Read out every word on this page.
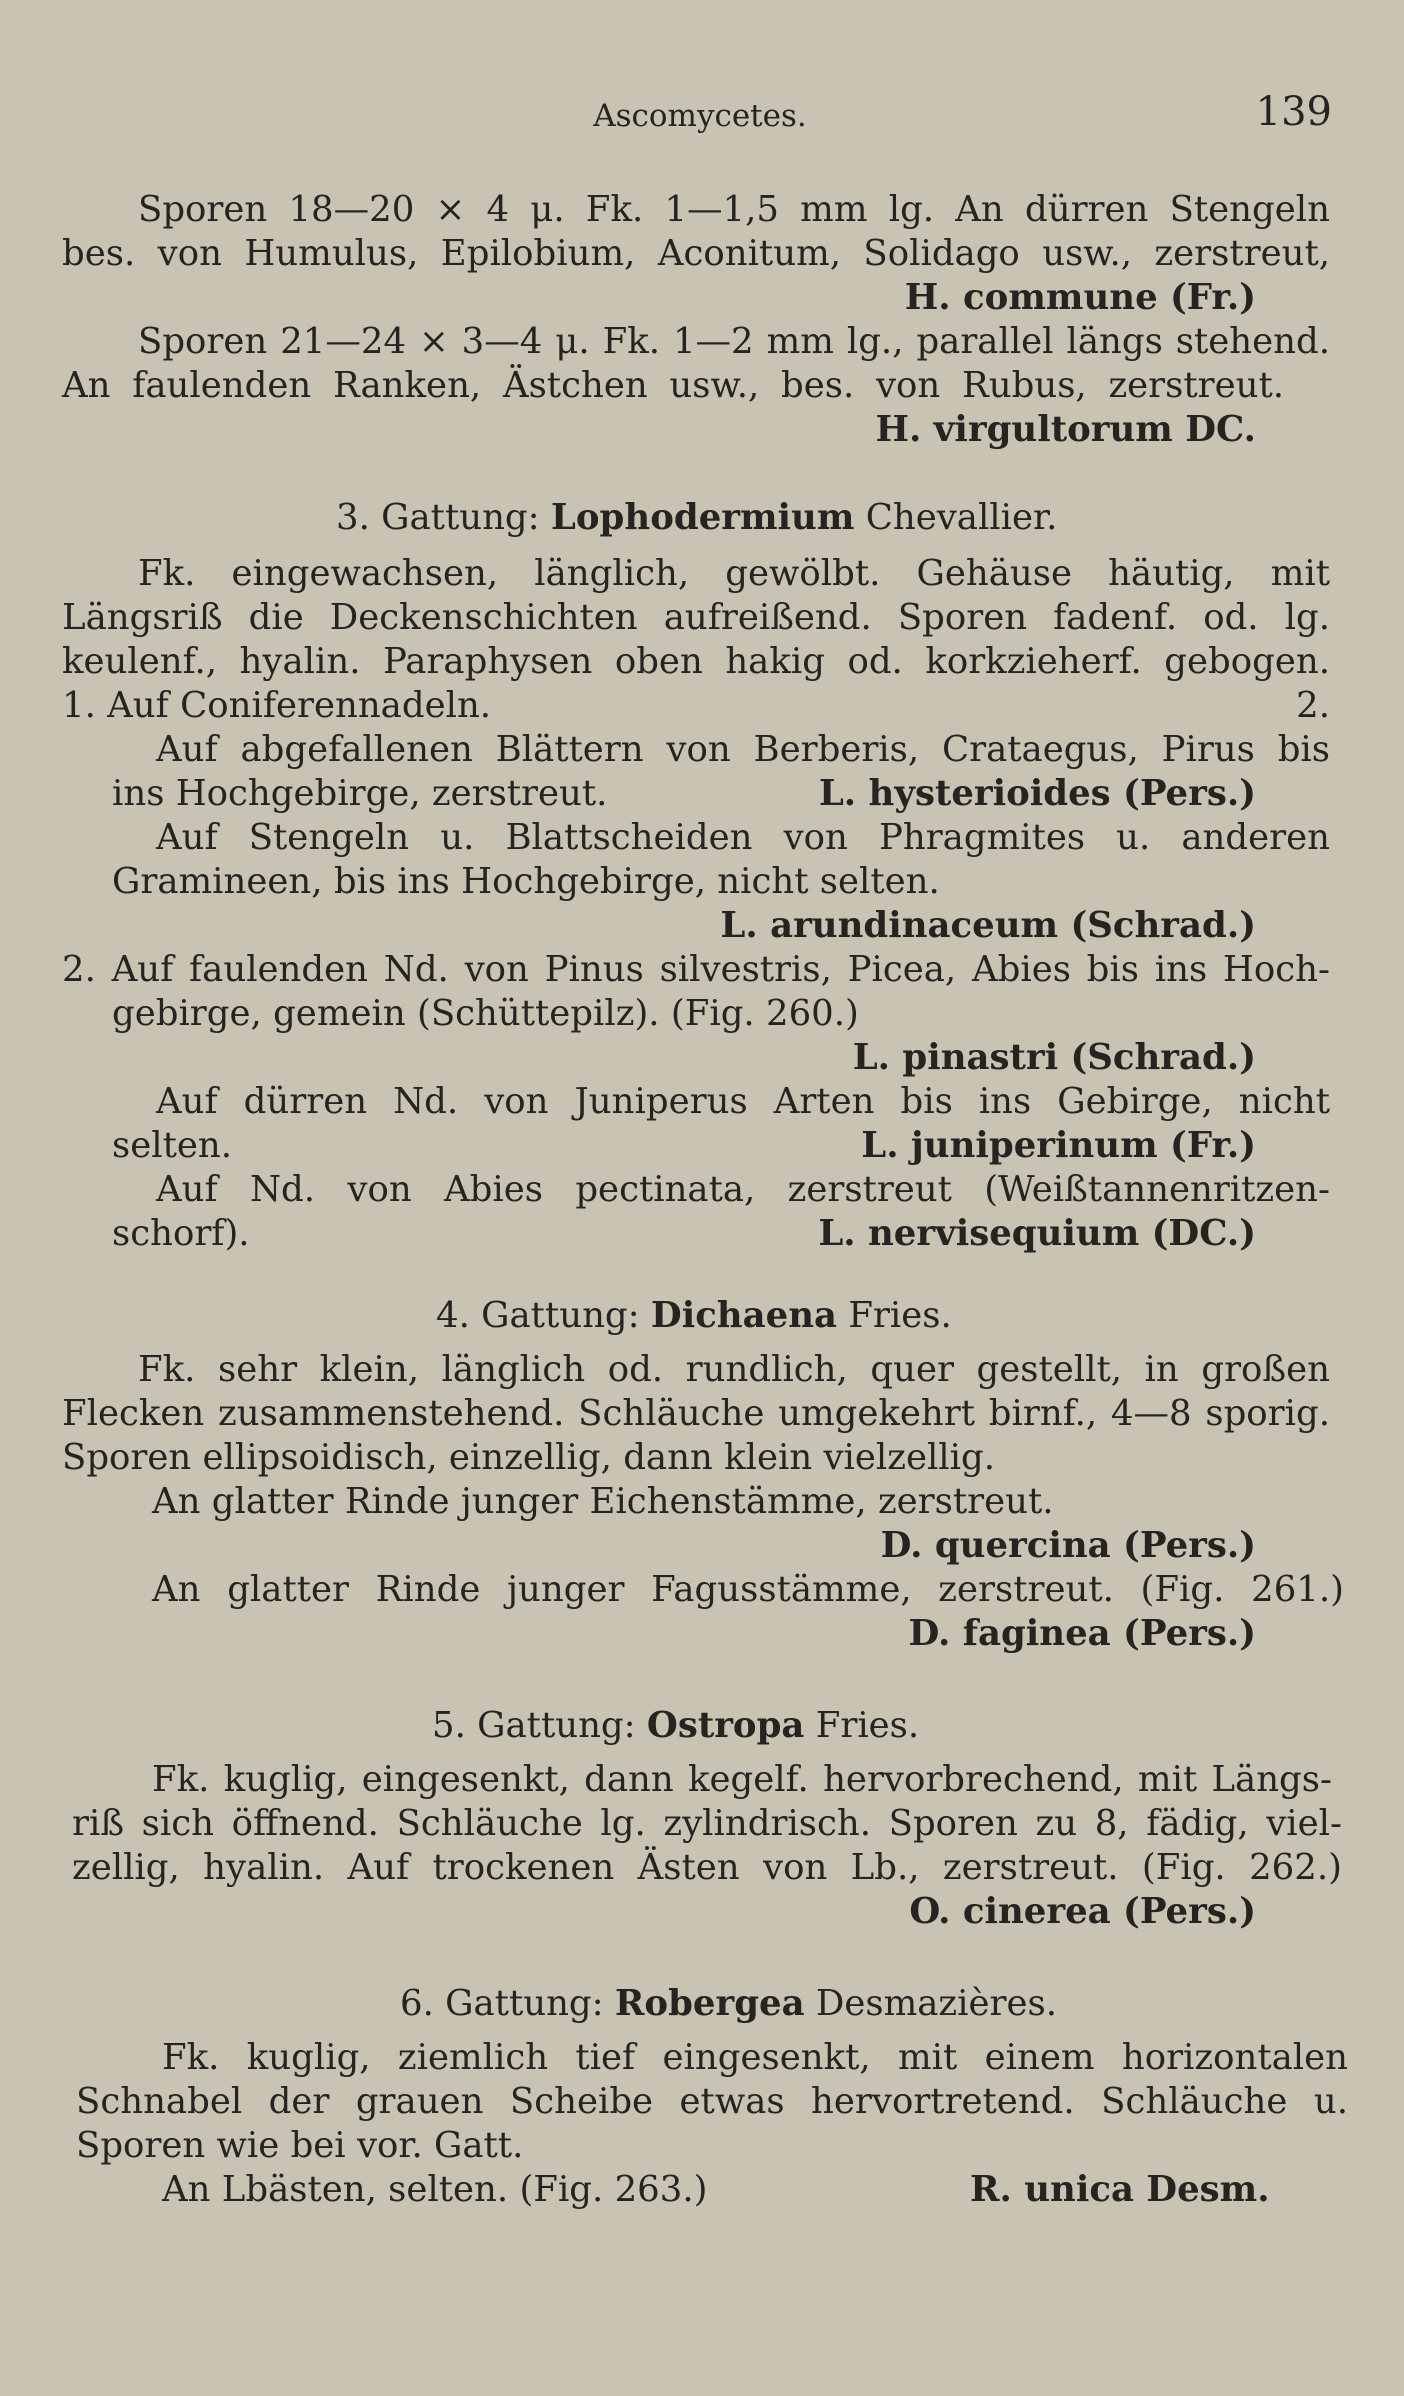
Ascomycetes.	139
Sporen 18—20 × 4 μ. Fk. 1—1,5 mm lg. An dürren Stengeln
bes. von Humulus, Epilobium, Aconitum, Solidago usw., zerstreut,
H. commune (Fr.)
Sporen 21—24 × 3—4 μ. Fk. 1—2 mm lg., parallel längs stehend.
An faulenden Ranken, Ästchen usw., bes. von Rubus, zerstreut.
H. virgultorum DC.
3. Gattung: Lophodermium Chevallier.
Fk. eingewachsen, länglich, gewölbt. Gehäuse häutig, mit
Längsriß die Deckenschichten aufreißend. Sporen fadenf. od. lg.
keulenf., hyalin. Paraphysen oben hakig od. korkzieherf. gebogen.
1. Auf Coniferennadeln.	2.
Auf abgefallenen Blättern von Berberis, Crataegus, Pirus bis
ins Hochgebirge, zerstreut.	L. hysterioides (Pers.)
Auf Stengeln u. Blattscheiden von Phragmites u. anderen
Gramineen, bis ins Hochgebirge, nicht selten.
L. arundinaceum (Schrad.)
2. Auf faulenden Nd. von Pinus silvestris, Picea, Abies bis ins Hoch-
gebirge, gemein (Schüttepilz). (Fig. 260.)
L. pinastri (Schrad.)
Auf dürren Nd. von Juniperus Arten bis ins Gebirge, nicht
selten.	L. juniperinum (Fr.)
Auf Nd. von Abies pectinata, zerstreut (Weißtannenritzen-
schorf).	L. nervisequium (DC.)
4. Gattung: Dichaena Fries.
Fk. sehr klein, länglich od. rundlich, quer gestellt, in großen
Flecken zusammenstehend. Schläuche umgekehrt birnf., 4—8 sporig.
Sporen ellipsoidisch, einzellig, dann klein vielzellig.
An glatter Rinde junger Eichenstämme, zerstreut.
D. quercina (Pers.)
An glatter Rinde junger Fagusstämme, zerstreut. (Fig. 261.)
D. faginea (Pers.)
5. Gattung: Ostropa Fries.
Fk. kuglig, eingesenkt, dann kegelf. hervorbrechend, mit Längs-
riß sich öffnend. Schläuche lg. zylindrisch. Sporen zu 8, fädig, viel-
zellig, hyalin. Auf trockenen Ästen von Lb., zerstreut. (Fig. 262.)
O. cinerea (Pers.)
6. Gattung: Robergea Desmazières.
Fk. kuglig, ziemlich tief eingesenkt, mit einem horizontalen
Schnabel der grauen Scheibe etwas hervortretend. Schläuche u.
Sporen wie bei vor. Gatt.
An Lbästen, selten. (Fig. 263.)	R. unica Desm.
